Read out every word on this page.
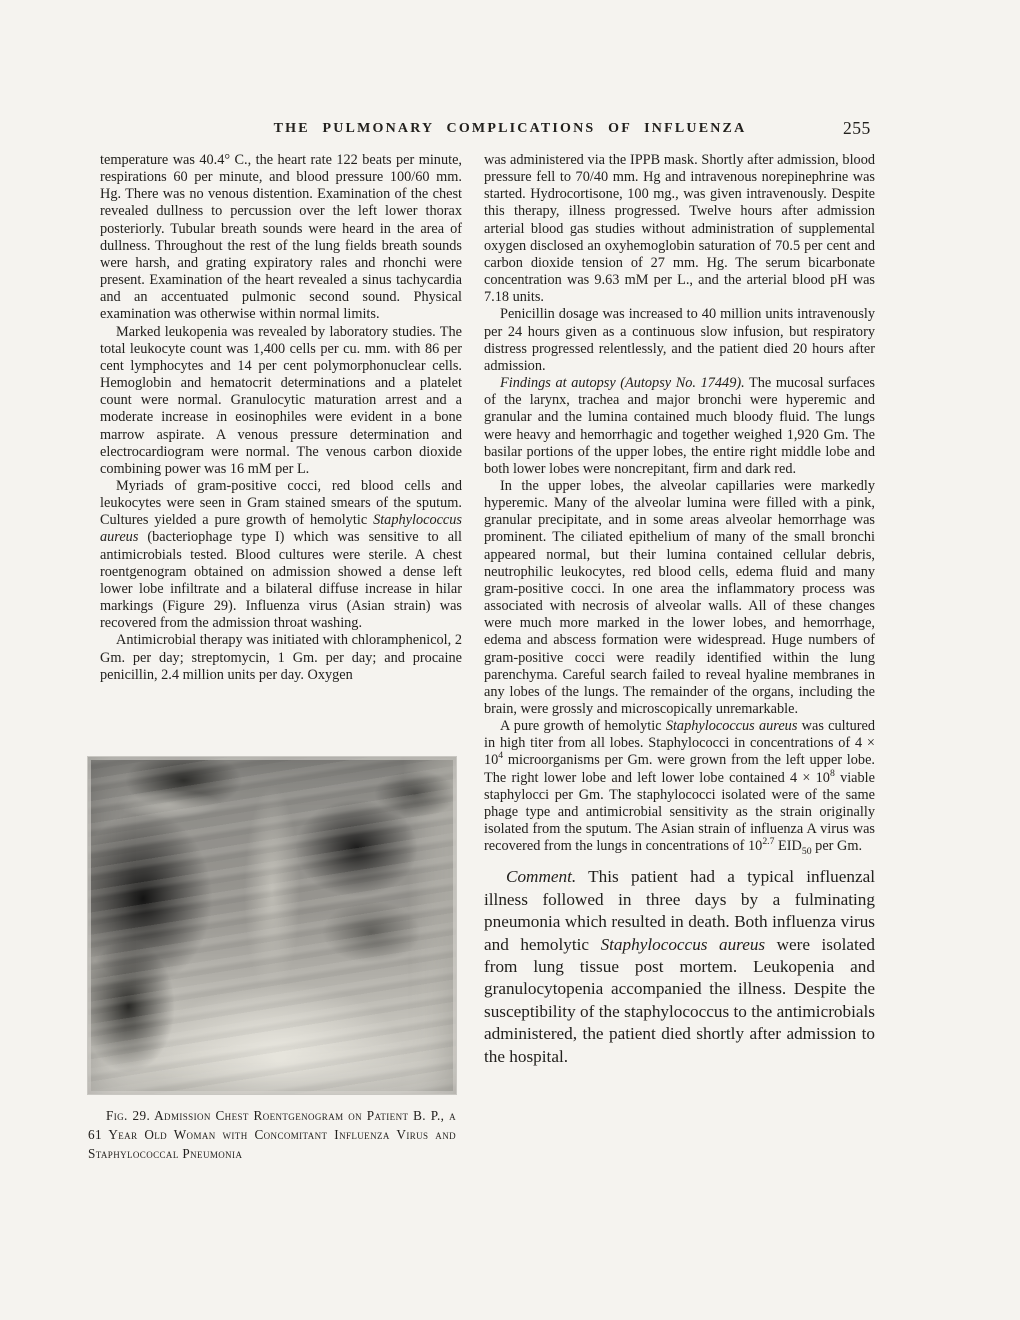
THE PULMONARY COMPLICATIONS OF INFLUENZA	255

temperature was 40.4° C., the heart rate 122 beats per minute, respirations 60 per minute, and blood pressure 100/60 mm. Hg. There was no venous distention. Examination of the chest revealed dullness to percussion over the left lower thorax posteriorly. Tubular breath sounds were heard in the area of dullness. Throughout the rest of the lung fields breath sounds were harsh, and grating expiratory rales and rhonchi were present. Examination of the heart revealed a sinus tachycardia and an accentuated pulmonic second sound. Physical examination was otherwise within normal limits.

Marked leukopenia was revealed by laboratory studies. The total leukocyte count was 1,400 cells per cu. mm. with 86 per cent lymphocytes and 14 per cent polymorphonuclear cells. Hemoglobin and hematocrit determinations and a platelet count were normal. Granulocytic maturation arrest and a moderate increase in eosinophiles were evident in a bone marrow aspirate. A venous pressure determination and electrocardiogram were normal. The venous carbon dioxide combining power was 16 mM per L.

Myriads of gram-positive cocci, red blood cells and leukocytes were seen in Gram stained smears of the sputum. Cultures yielded a pure growth of hemolytic Staphylococcus aureus (bacteriophage type I) which was sensitive to all antimicrobials tested. Blood cultures were sterile. A chest roentgenogram obtained on admission showed a dense left lower lobe infiltrate and a bilateral diffuse increase in hilar markings (Figure 29). Influenza virus (Asian strain) was recovered from the admission throat washing.

Antimicrobial therapy was initiated with chloramphenicol, 2 Gm. per day; streptomycin, 1 Gm. per day; and procaine penicillin, 2.4 million units per day. Oxygen

was administered via the IPPB mask. Shortly after admission, blood pressure fell to 70/40 mm. Hg and intravenous norepinephrine was started. Hydrocortisone, 100 mg., was given intravenously. Despite this therapy, illness progressed. Twelve hours after admission arterial blood gas studies without administration of supplemental oxygen disclosed an oxyhemoglobin saturation of 70.5 per cent and carbon dioxide tension of 27 mm. Hg. The serum bicarbonate concentration was 9.63 mM per L., and the arterial blood pH was 7.18 units.

Penicillin dosage was increased to 40 million units intravenously per 24 hours given as a continuous slow infusion, but respiratory distress progressed relentlessly, and the patient died 20 hours after admission.

Findings at autopsy (Autopsy No. 17449). The mucosal surfaces of the larynx, trachea and major bronchi were hyperemic and granular and the lumina contained much bloody fluid. The lungs were heavy and hemorrhagic and together weighed 1,920 Gm. The basilar portions of the upper lobes, the entire right middle lobe and both lower lobes were noncrepitant, firm and dark red.

In the upper lobes, the alveolar capillaries were markedly hyperemic. Many of the alveolar lumina were filled with a pink, granular precipitate, and in some areas alveolar hemorrhage was prominent. The ciliated epithelium of many of the small bronchi appeared normal, but their lumina contained cellular debris, neutrophilic leukocytes, red blood cells, edema fluid and many gram-positive cocci. In one area the inflammatory process was associated with necrosis of alveolar walls. All of these changes were much more marked in the lower lobes, and hemorrhage, edema and abscess formation were widespread. Huge numbers of gram-positive cocci were readily identified within the lung parenchyma. Careful search failed to reveal hyaline membranes in any lobes of the lungs. The remainder of the organs, including the brain, were grossly and microscopically unremarkable.

A pure growth of hemolytic Staphylococcus aureus was cultured in high titer from all lobes. Staphylococci in concentrations of $4 \times 10^4$ microorganisms per Gm. were grown from the left upper lobe. The right lower lobe and left lower lobe contained $4 \times 10^8$ viable staphylocci per Gm. The staphylococci isolated were of the same phage type and antimicrobial sensitivity as the strain originally isolated from the sputum. The Asian strain of influenza A virus was recovered from the lungs in concentrations of $10^{2.7}$ $EID_{50}$ per Gm.

Comment. This patient had a typical influenzal illness followed in three days by a fulminating pneumonia which resulted in death. Both influenza virus and hemolytic Staphylococcus aureus were isolated from lung tissue post mortem. Leukopenia and granulocytopenia accompanied the illness. Despite the susceptibility of the staphylococcus to the antimicrobials administered, the patient died shortly after admission to the hospital.

Fig. 29. Admission Chest Roentgenogram on Patient B. P., a 61 Year Old Woman with Concomitant Influenza Virus and Staphylococcal Pneumonia
